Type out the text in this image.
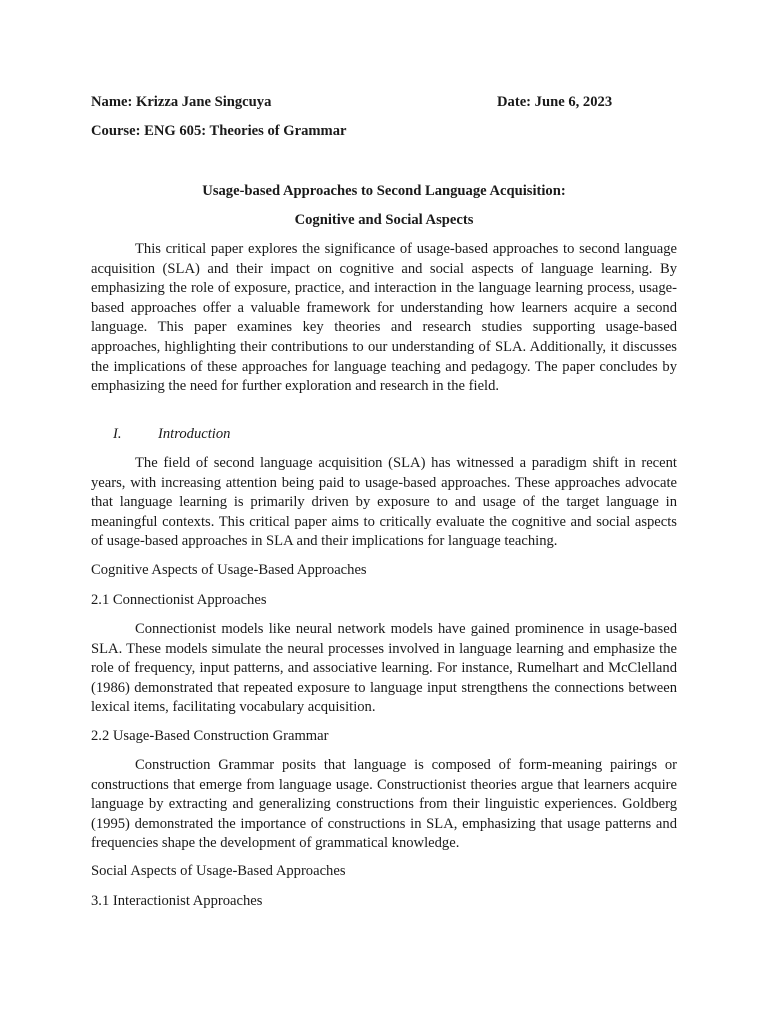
Name: Krizza Jane Singcuya	Date: June 6, 2023
Course: ENG 605: Theories of Grammar
Usage-based Approaches to Second Language Acquisition:
Cognitive and Social Aspects

This critical paper explores the significance of usage-based approaches to second language acquisition (SLA) and their impact on cognitive and social aspects of language learning. By emphasizing the role of exposure, practice, and interaction in the language learning process, usage-based approaches offer a valuable framework for understanding how learners acquire a second language. This paper examines key theories and research studies supporting usage-based approaches, highlighting their contributions to our understanding of SLA. Additionally, it discusses the implications of these approaches for language teaching and pedagogy. The paper concludes by emphasizing the need for further exploration and research in the field.

I. Introduction

The field of second language acquisition (SLA) has witnessed a paradigm shift in recent years, with increasing attention being paid to usage-based approaches. These approaches advocate that language learning is primarily driven by exposure to and usage of the target language in meaningful contexts. This critical paper aims to critically evaluate the cognitive and social aspects of usage-based approaches in SLA and their implications for language teaching.

Cognitive Aspects of Usage-Based Approaches
2.1 Connectionist Approaches

Connectionist models like neural network models have gained prominence in usage-based SLA. These models simulate the neural processes involved in language learning and emphasize the role of frequency, input patterns, and associative learning. For instance, Rumelhart and McClelland (1986) demonstrated that repeated exposure to language input strengthens the connections between lexical items, facilitating vocabulary acquisition.

2.2 Usage-Based Construction Grammar

Construction Grammar posits that language is composed of form-meaning pairings or constructions that emerge from language usage. Constructionist theories argue that learners acquire language by extracting and generalizing constructions from their linguistic experiences. Goldberg (1995) demonstrated the importance of constructions in SLA, emphasizing that usage patterns and frequencies shape the development of grammatical knowledge.

Social Aspects of Usage-Based Approaches
3.1 Interactionist Approaches
